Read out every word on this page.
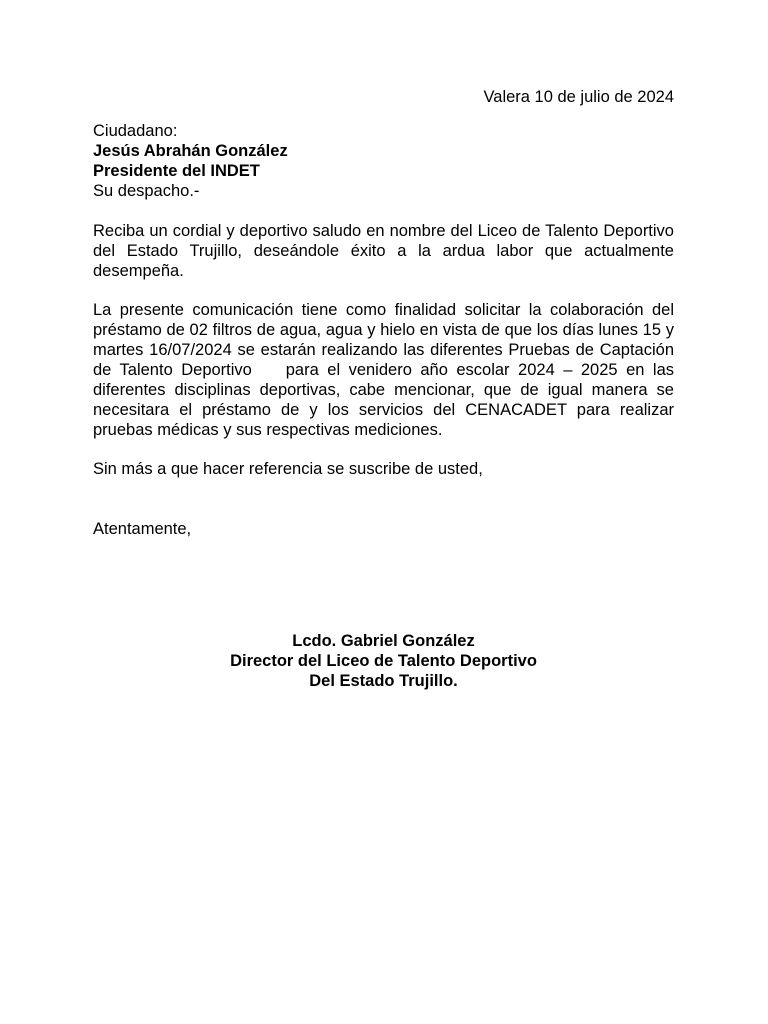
Valera 10 de julio de 2024

Ciudadano:
Jesús Abrahán González
Presidente del INDET
Su despacho.-

Reciba un cordial y deportivo saludo en nombre del Liceo de Talento Deportivo del Estado Trujillo, deseándole éxito a la ardua labor que actualmente desempeña.

La presente comunicación tiene como finalidad solicitar la colaboración del préstamo de 02 filtros de agua, agua y hielo en vista de que los días lunes 15 y martes 16/07/2024 se estarán realizando las diferentes Pruebas de Captación de Talento Deportivo    para el venidero año escolar 2024 – 2025 en las diferentes disciplinas deportivas, cabe mencionar, que de igual manera se necesitara el préstamo de y los servicios del CENACADET para realizar pruebas médicas y sus respectivas mediciones.

Sin más a que hacer referencia se suscribe de usted,

Atentamente,

Lcdo. Gabriel González
Director del Liceo de Talento Deportivo
Del Estado Trujillo.
